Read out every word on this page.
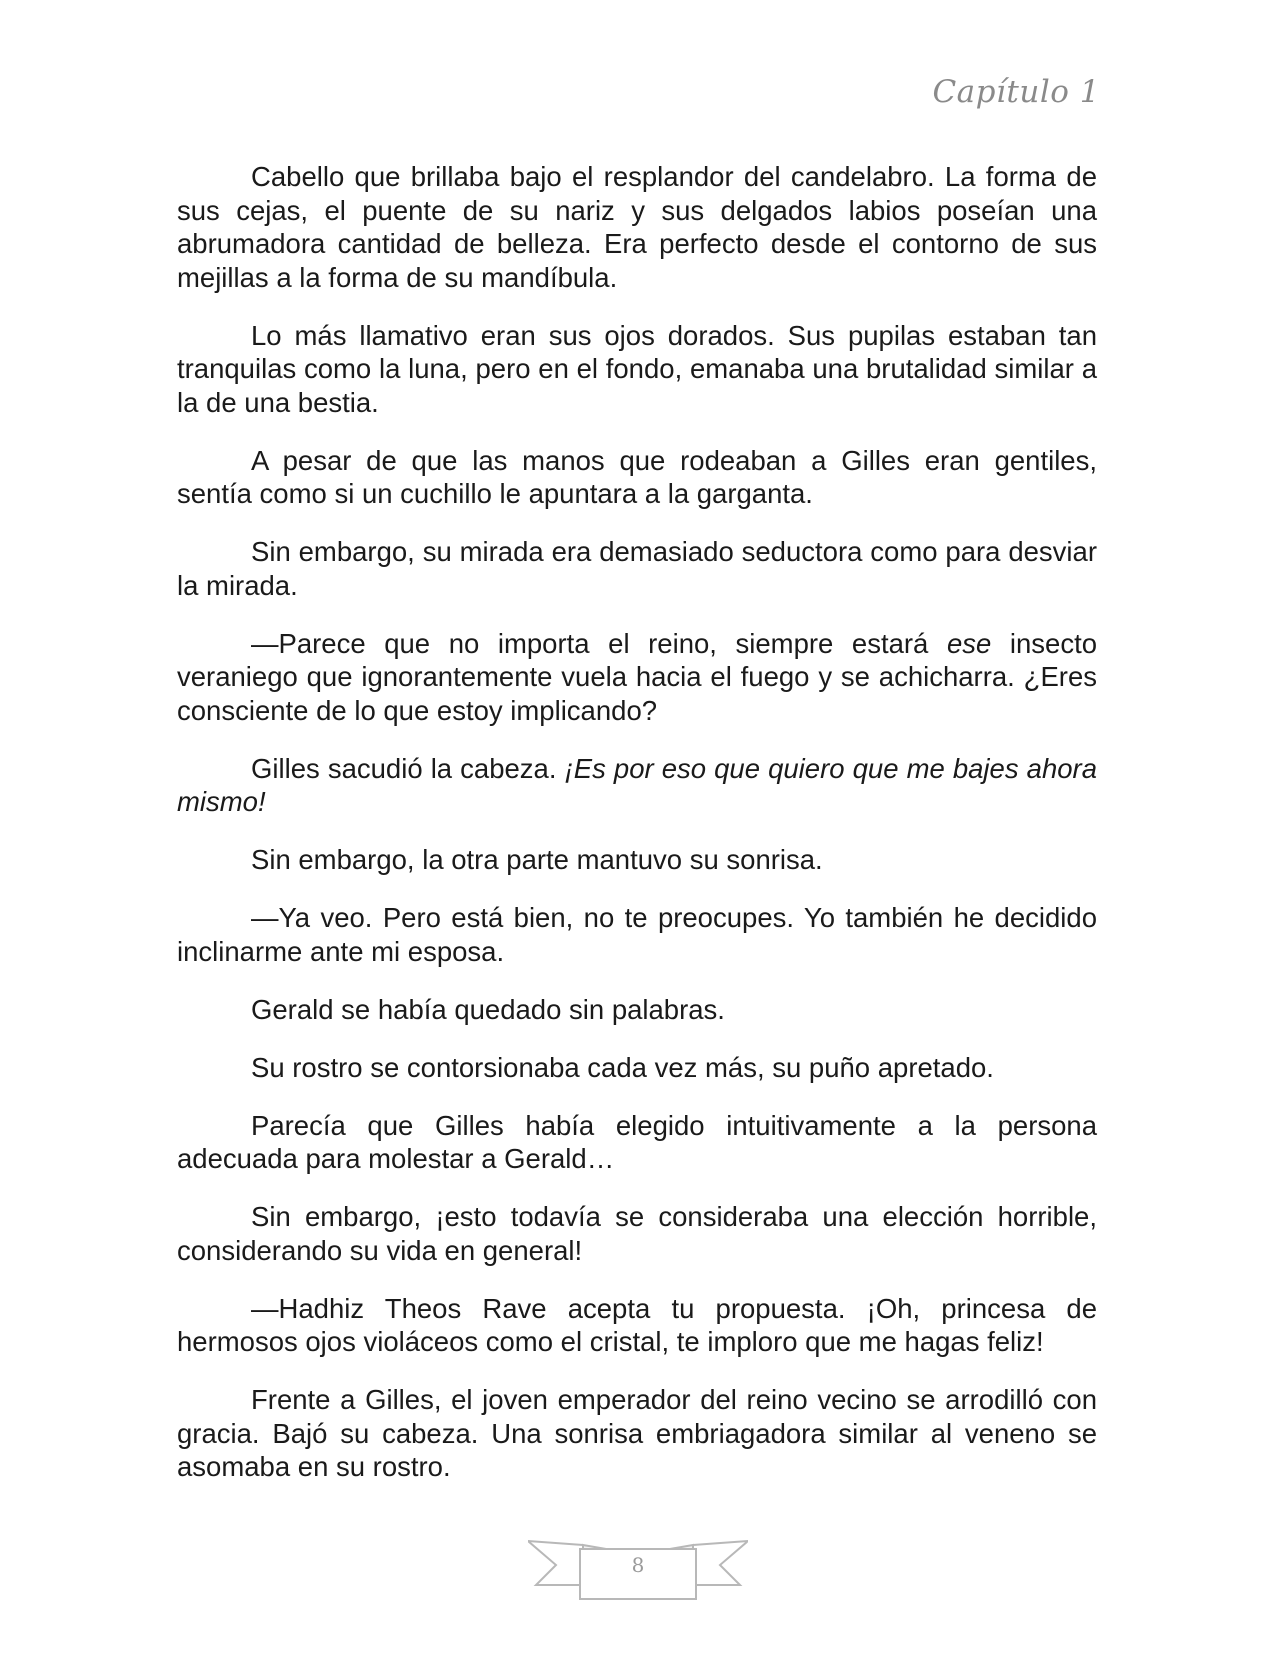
Capítulo 1

Cabello que brillaba bajo el resplandor del candelabro. La forma de sus cejas, el puente de su nariz y sus delgados labios poseían una abrumadora cantidad de belleza. Era perfecto desde el contorno de sus mejillas a la forma de su mandíbula.

Lo más llamativo eran sus ojos dorados. Sus pupilas estaban tan tranquilas como la luna, pero en el fondo, emanaba una brutalidad similar a la de una bestia.

A pesar de que las manos que rodeaban a Gilles eran gentiles, sentía como si un cuchillo le apuntara a la garganta.

Sin embargo, su mirada era demasiado seductora como para desviar la mirada.

—Parece que no importa el reino, siempre estará ese insecto veraniego que ignorantemente vuela hacia el fuego y se achicharra. ¿Eres consciente de lo que estoy implicando?

Gilles sacudió la cabeza. ¡Es por eso que quiero que me bajes ahora mismo!

Sin embargo, la otra parte mantuvo su sonrisa.

—Ya veo. Pero está bien, no te preocupes. Yo también he decidido inclinarme ante mi esposa.

Gerald se había quedado sin palabras.

Su rostro se contorsionaba cada vez más, su puño apretado.

Parecía que Gilles había elegido intuitivamente a la persona adecuada para molestar a Gerald…

Sin embargo, ¡esto todavía se consideraba una elección horrible, considerando su vida en general!

—Hadhiz Theos Rave acepta tu propuesta. ¡Oh, princesa de hermosos ojos violáceos como el cristal, te imploro que me hagas feliz!

Frente a Gilles, el joven emperador del reino vecino se arrodilló con gracia. Bajó su cabeza. Una sonrisa embriagadora similar al veneno se asomaba en su rostro.

8
